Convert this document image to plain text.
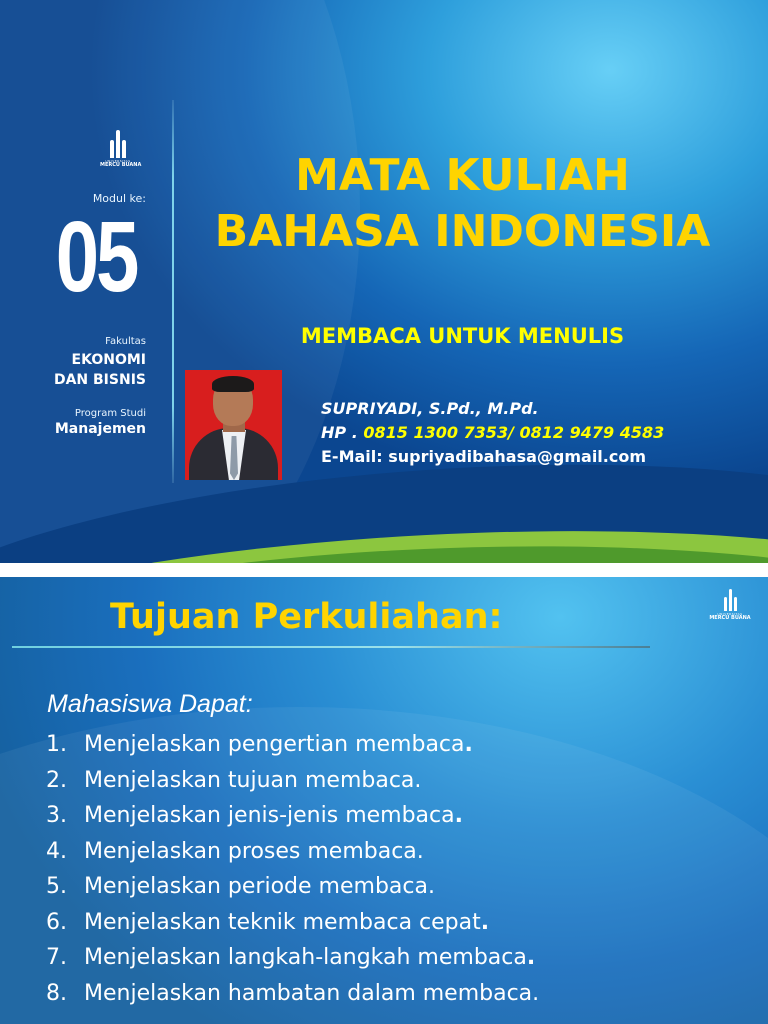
UNIVERSITAS
MERCU BUANA
Modul ke:
05
Fakultas
EKONOMI
DAN BISNIS
Program Studi
Manajemen
MATA KULIAH
BAHASA INDONESIA
MEMBACA UNTUK MENULIS
SUPRIYADI, S.Pd., M.Pd.
HP . 0815 1300 7353/ 0812 9479 4583
E-Mail: supriyadibahasa@gmail.com
UNIVERSITAS
MERCU BUANA
Tujuan Perkuliahan:
Mahasiswa Dapat:
1. Menjelaskan pengertian membaca .
2. Menjelaskan tujuan membaca.
3. Menjelaskan jenis-jenis membaca .
4. Menjelaskan proses membaca.
5. Menjelaskan periode membaca.
6. Menjelaskan teknik membaca cepat .
7. Menjelaskan langkah-langkah membaca .
8. Menjelaskan hambatan dalam membaca.
